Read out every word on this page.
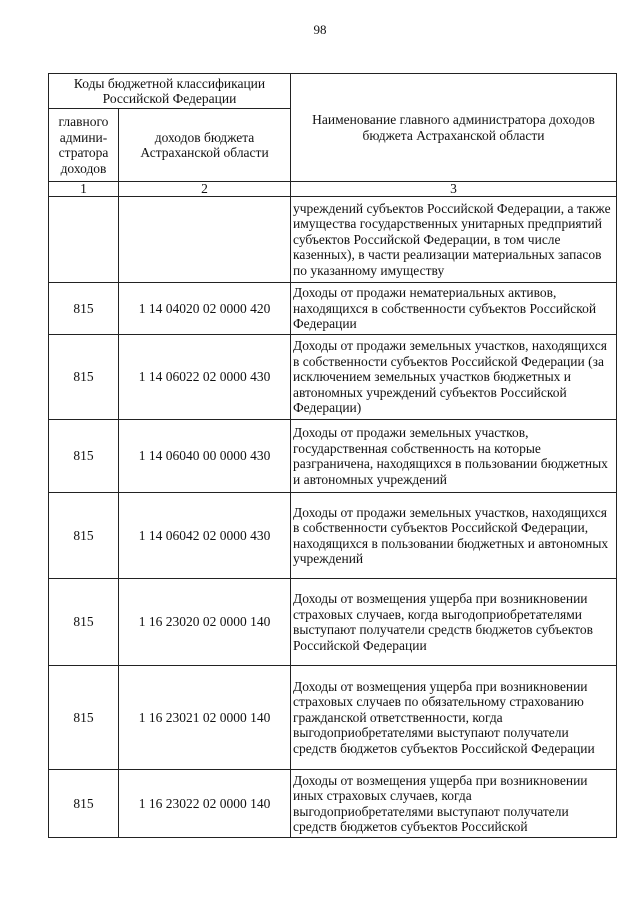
98
Коды бюджетной классификации Российской Федерации		Наименование главного администратора доходов бюджета Астраханской области
главного админи-стратора доходов	доходов бюджета Астраханской области	
1	2	3
		учреждений субъектов Российской Федерации, а также имущества государственных унитарных предприятий субъектов Российской Федерации, в том числе казенных), в части реализации материальных запасов по указанному имуществу
815	1 14 04020 02 0000 420	Доходы от продажи нематериальных активов, находящихся в собственности субъектов Российской Федерации
815	1 14 06022 02 0000 430	Доходы от продажи земельных участков, находящихся в собственности субъектов Российской Федерации (за исключением земельных участков бюджетных и автономных учреждений субъектов Российской Федерации)
815	1 14 06040 00 0000 430	Доходы от продажи земельных участков, государственная собственность на которые разграничена, находящихся в пользовании бюджетных и автономных учреждений
815	1 14 06042 02 0000 430	Доходы от продажи земельных участков, находящихся в собственности субъектов Российской Федерации, находящихся в пользовании бюджетных и автономных учреждений
815	1 16 23020 02 0000 140	Доходы от возмещения ущерба при возникновении страховых случаев, когда выгодоприобретателями выступают получатели средств бюджетов субъектов Российской Федерации
815	1 16 23021 02 0000 140	Доходы от возмещения ущерба при возникновении страховых случаев по обязательному страхованию гражданской ответственности, когда выгодоприобретателями выступают получатели средств бюджетов субъектов Российской Федерации
815	1 16 23022 02 0000 140	Доходы от возмещения ущерба при возникновении иных страховых случаев, когда выгодоприобретателями выступают получатели средств бюджетов субъектов Российской
